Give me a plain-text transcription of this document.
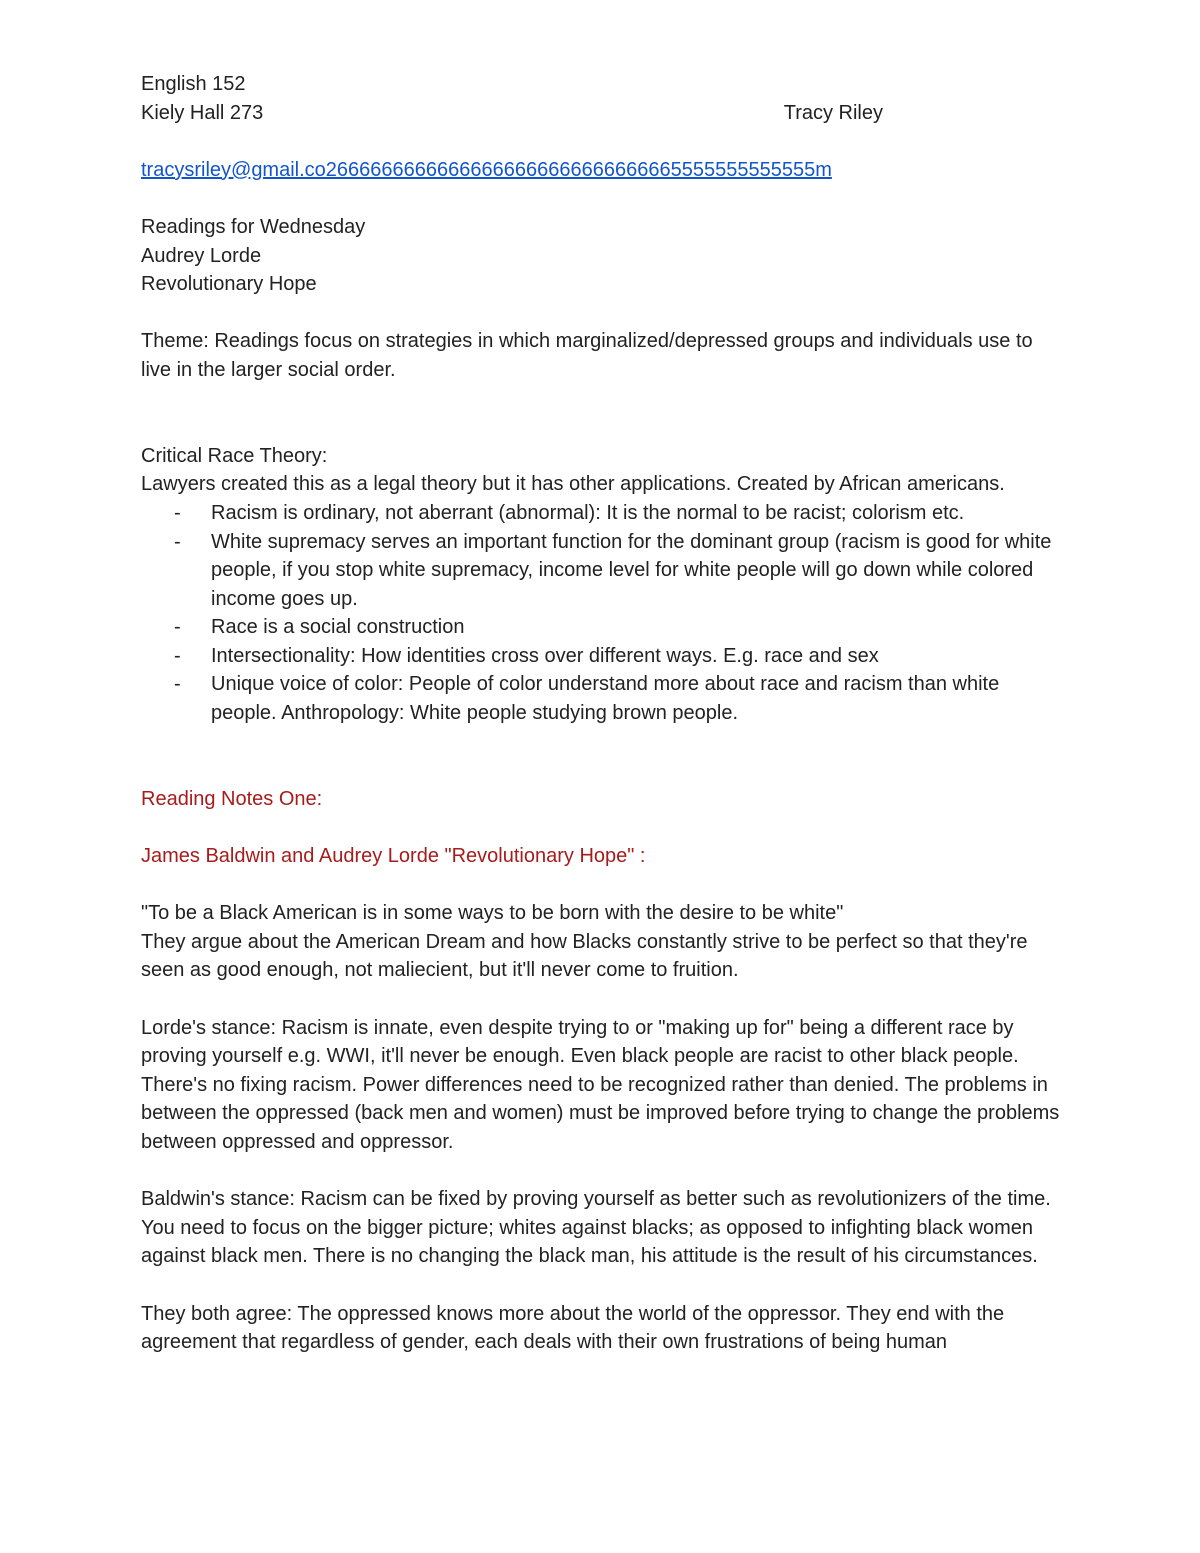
English 152
Kiely Hall 273	Tracy Riley
tracysriley@gmail.co26666666666666666666666666666665555555555555m
Readings for Wednesday
Audrey Lorde
Revolutionary Hope
Theme: Readings focus on strategies in which marginalized/depressed groups and individuals use to live in the larger social order.
Critical Race Theory:
Lawyers created this as a legal theory but it has other applications. Created by African americans.
- Racism is ordinary, not aberrant (abnormal): It is the normal to be racist; colorism etc.
- White supremacy serves an important function for the dominant group (racism is good for white people, if you stop white supremacy, income level for white people will go down while colored income goes up.
- Race is a social construction
- Intersectionality: How identities cross over different ways. E.g. race and sex
- Unique voice of color: People of color understand more about race and racism than white people. Anthropology: White people studying brown people.
Reading Notes One:
James Baldwin and Audrey Lorde "Revolutionary Hope" :
"To be a Black American is in some ways to be born with the desire to be white"
They argue about the American Dream and how Blacks constantly strive to be perfect so that they're seen as good enough, not maliecient, but it'll never come to fruition.
Lorde's stance: Racism is innate, even despite trying to or "making up for" being a different race by proving yourself e.g. WWI, it'll never be enough. Even black people are racist to other black people. There's no fixing racism. Power differences need to be recognized rather than denied. The problems in between the oppressed (back men and women) must be improved before trying to change the problems between oppressed and oppressor.
Baldwin's stance: Racism can be fixed by proving yourself as better such as revolutionizers of the time. You need to focus on the bigger picture; whites against blacks; as opposed to infighting black women against black men. There is no changing the black man, his attitude is the result of his circumstances.
They both agree: The oppressed knows more about the world of the oppressor. They end with the agreement that regardless of gender, each deals with their own frustrations of being human
